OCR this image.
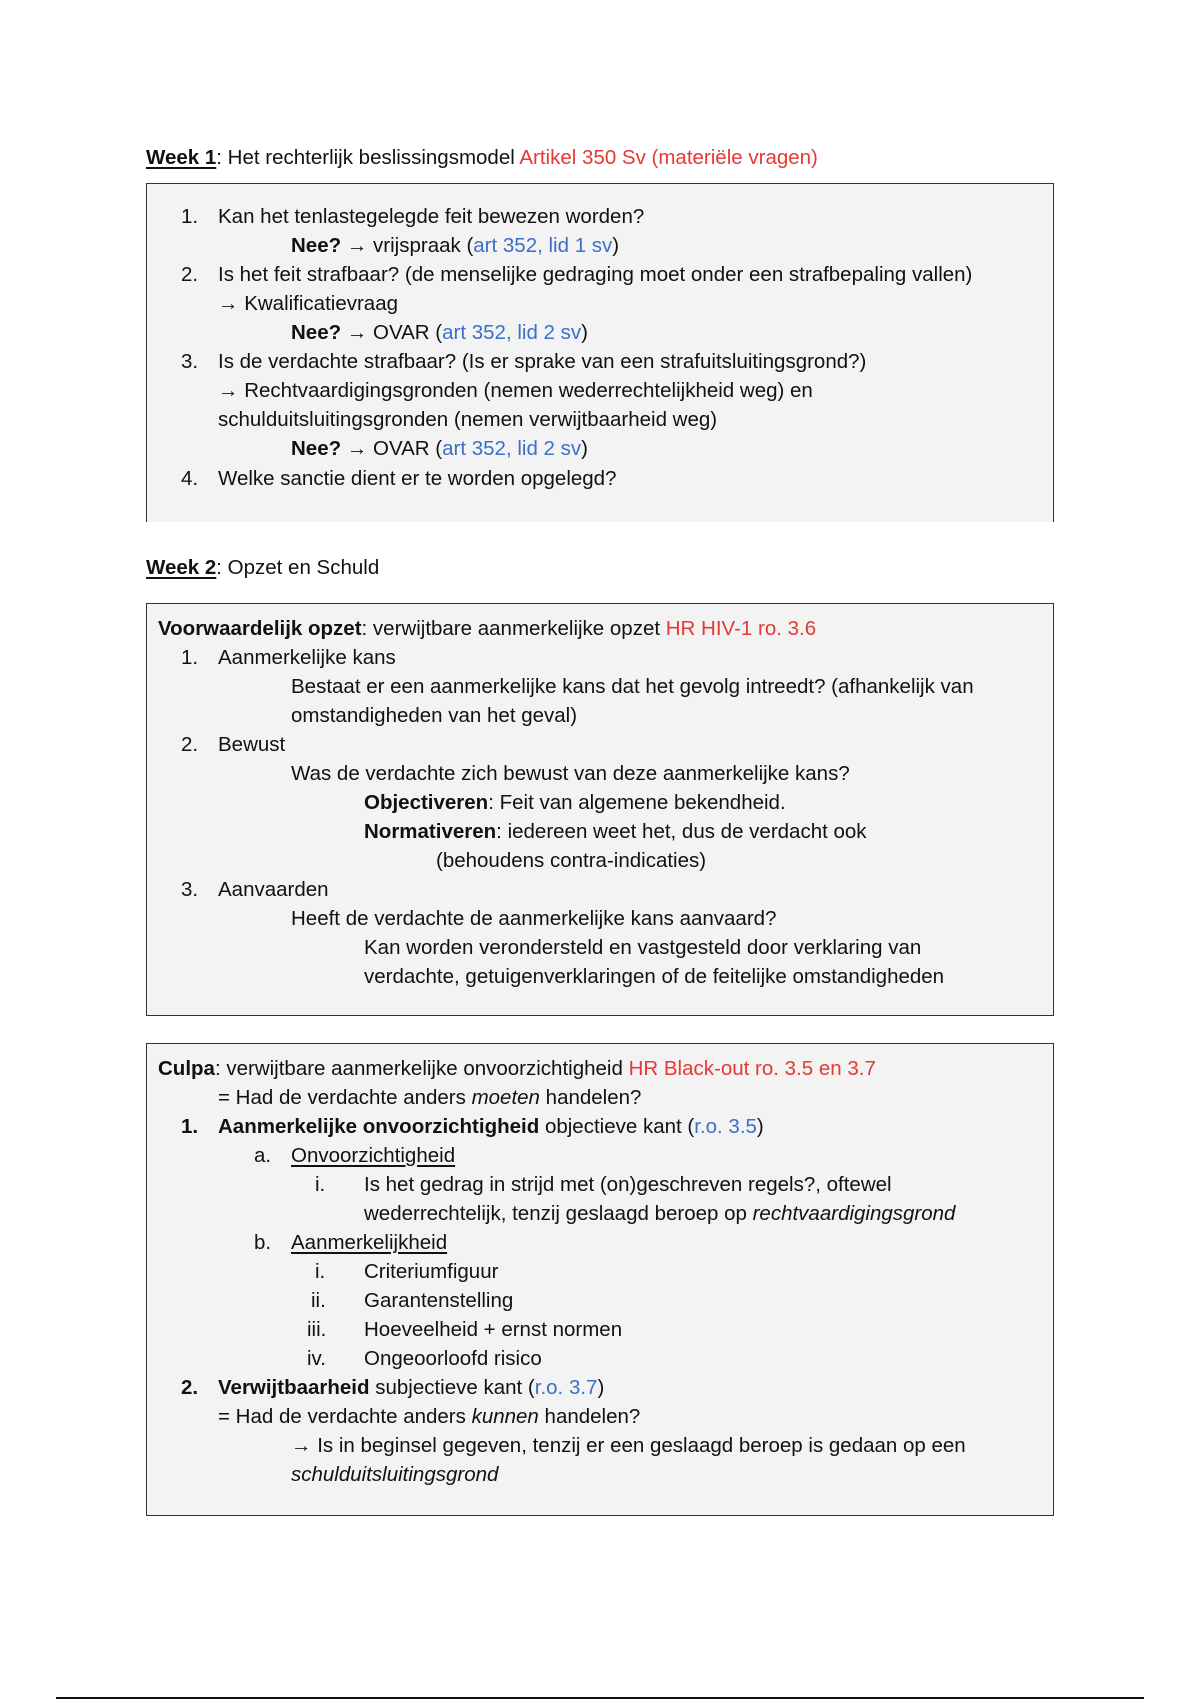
Week 1: Het rechterlijk beslissingsmodel Artikel 350 Sv (materiële vragen)
1. Kan het tenlastegelegde feit bewezen worden?
Nee? → vrijspraak (art 352, lid 1 sv)
2. Is het feit strafbaar? (de menselijke gedraging moet onder een strafbepaling vallen)
→ Kwalificatievraag
Nee? → OVAR (art 352, lid 2 sv)
3. Is de verdachte strafbaar? (Is er sprake van een strafuitsluitingsgrond?)
→ Rechtvaardigingsgronden (nemen wederrechtelijkheid weg) en
schulduitsluitingsgronden (nemen verwijtbaarheid weg)
Nee? → OVAR (art 352, lid 2 sv)
4. Welke sanctie dient er te worden opgelegd?
Week 2: Opzet en Schuld
Voorwaardelijk opzet: verwijtbare aanmerkelijke opzet HR HIV-1 ro. 3.6
1. Aanmerkelijke kans
Bestaat er een aanmerkelijke kans dat het gevolg intreedt? (afhankelijk van
omstandigheden van het geval)
2. Bewust
Was de verdachte zich bewust van deze aanmerkelijke kans?
Objectiveren: Feit van algemene bekendheid.
Normativeren: iedereen weet het, dus de verdacht ook
(behoudens contra-indicaties)
3. Aanvaarden
Heeft de verdachte de aanmerkelijke kans aanvaard?
Kan worden verondersteld en vastgesteld door verklaring van
verdachte, getuigenverklaringen of de feitelijke omstandigheden
Culpa: verwijtbare aanmerkelijke onvoorzichtigheid HR Black-out ro. 3.5 en 3.7
= Had de verdachte anders moeten handelen?
1. Aanmerkelijke onvoorzichtigheid objectieve kant (r.o. 3.5)
a. Onvoorzichtigheid
i. Is het gedrag in strijd met (on)geschreven regels?, oftewel
wederrechtelijk, tenzij geslaagd beroep op rechtvaardigingsgrond
b. Aanmerkelijkheid
i. Criteriumfiguur
ii. Garantenstelling
iii. Hoeveelheid + ernst normen
iv. Ongeoorloofd risico
2. Verwijtbaarheid subjectieve kant (r.o. 3.7)
= Had de verdachte anders kunnen handelen?
→ Is in beginsel gegeven, tenzij er een geslaagd beroep is gedaan op een
schulduitsluitingsgrond
